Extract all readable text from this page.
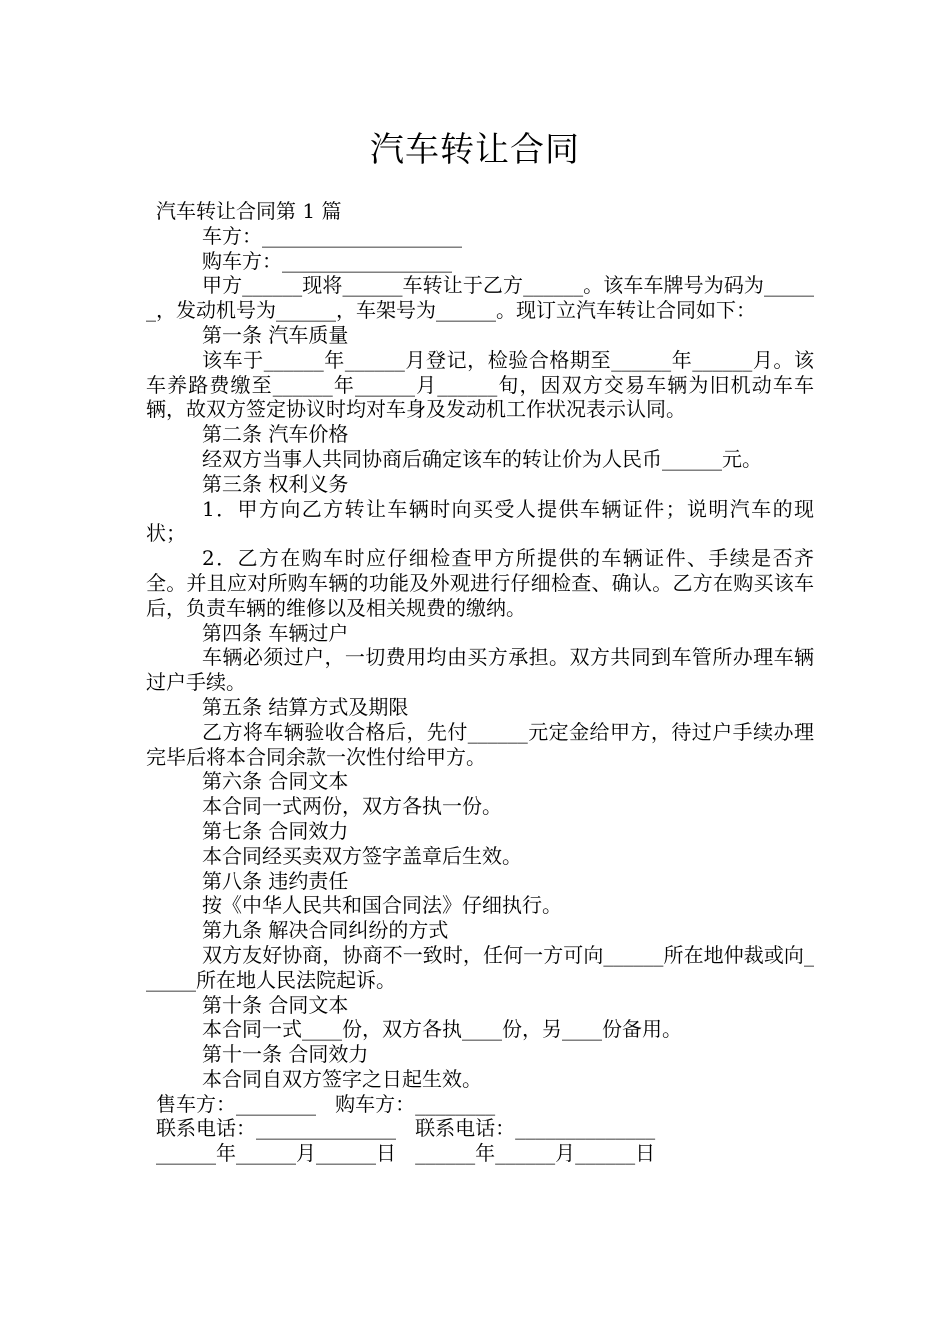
汽车转让合同

汽车转让合同第 1 篇

车方：____________________

购车方：_________________

甲方______现将______车转让于乙方______。该车车牌号为码为______，发动机号为______，车架号为______。现订立汽车转让合同如下：

第一条 汽车质量

该车于______年______月登记，检验合格期至______年______月。该车养路费缴至______年______月______旬，因双方交易车辆为旧机动车车辆，故双方签定协议时均对车身及发动机工作状况表示认同。

第二条 汽车价格

经双方当事人共同协商后确定该车的转让价为人民币______元。

第三条 权利义务

1．甲方向乙方转让车辆时向买受人提供车辆证件；说明汽车的现状；

2．乙方在购车时应仔细检查甲方所提供的车辆证件、手续是否齐全。并且应对所购车辆的功能及外观进行仔细检查、确认。乙方在购买该车后，负责车辆的维修以及相关规费的缴纳。

第四条 车辆过户

车辆必须过户，一切费用均由买方承担。双方共同到车管所办理车辆过户手续。

第五条 结算方式及期限

乙方将车辆验收合格后，先付______元定金给甲方，待过户手续办理完毕后将本合同余款一次性付给甲方。

第六条 合同文本

本合同一式两份，双方各执一份。

第七条 合同效力

本合同经买卖双方签字盖章后生效。

第八条 违约责任

按《中华人民共和国合同法》仔细执行。

第九条 解决合同纠纷的方式

双方友好协商，协商不一致时，任何一方可向______所在地仲裁或向______所在地人民法院起诉。

第十条 合同文本

本合同一式____份，双方各执____份，另____份备用。

第十一条 合同效力

本合同自双方签字之日起生效。

售车方：________   购车方：________

联系电话：______________   联系电话：______________

______年______月______日   ______年______月______日
